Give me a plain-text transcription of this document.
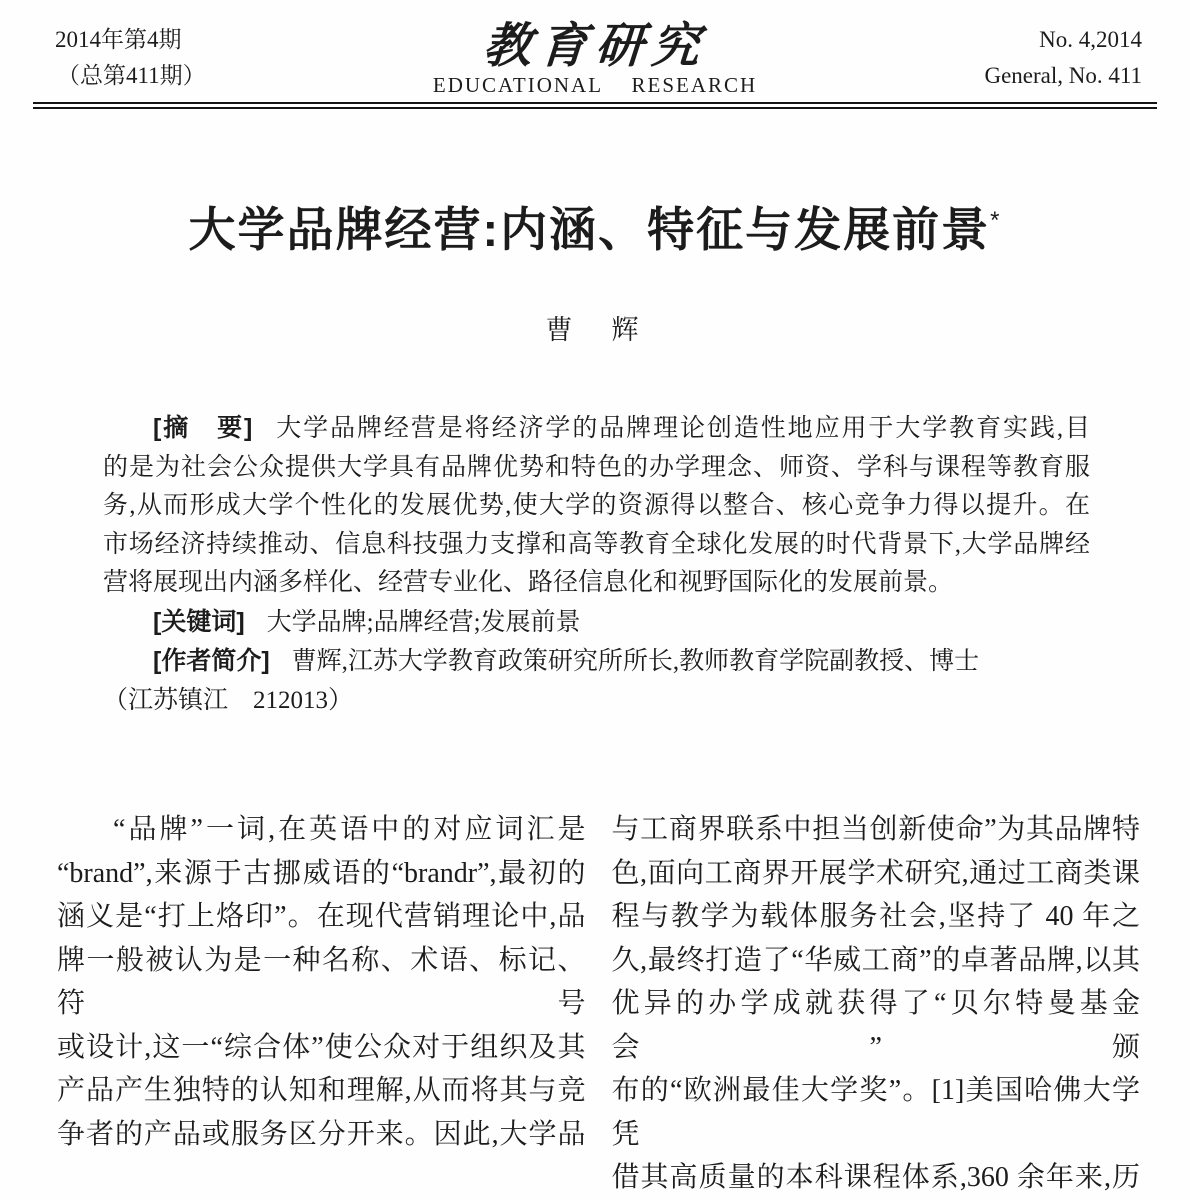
2014年第4期
（总第411期）
教育研究
EDUCATIONAL RESEARCH
No. 4,2014
General, No. 411
大学品牌经营:内涵、特征与发展前景*
曹　辉
[摘　要] 大学品牌经营是将经济学的品牌理论创造性地应用于大学教育实践,目
的是为社会公众提供大学具有品牌优势和特色的办学理念、师资、学科与课程等教育服
务,从而形成大学个性化的发展优势,使大学的资源得以整合、核心竞争力得以提升。在
市场经济持续推动、信息科技强力支撑和高等教育全球化发展的时代背景下,大学品牌经
营将展现出内涵多样化、经营专业化、路径信息化和视野国际化的发展前景。
[关键词] 大学品牌;品牌经营;发展前景
[作者简介] 曹辉,江苏大学教育政策研究所所长,教师教育学院副教授、博士
（江苏镇江　212013）
“品牌”一词,在英语中的对应词汇是
“brand”,来源于古挪威语的“brandr”,最初的
涵义是“打上烙印”。在现代营销理论中,品
牌一般被认为是一种名称、术语、标记、符号
或设计,这一“综合体”使公众对于组织及其
产品产生独特的认知和理解,从而将其与竞
争者的产品或服务区分开来。因此,大学品
与工商界联系中担当创新使命”为其品牌特
色,面向工商界开展学术研究,通过工商类课
程与教学为载体服务社会,坚持了 40 年之
久,最终打造了“华威工商”的卓著品牌,以其
优异的办学成就获得了“贝尔特曼基金会”颁
布的“欧洲最佳大学奖”。[1]美国哈佛大学凭
借其高质量的本科课程体系,360 余年来,历
